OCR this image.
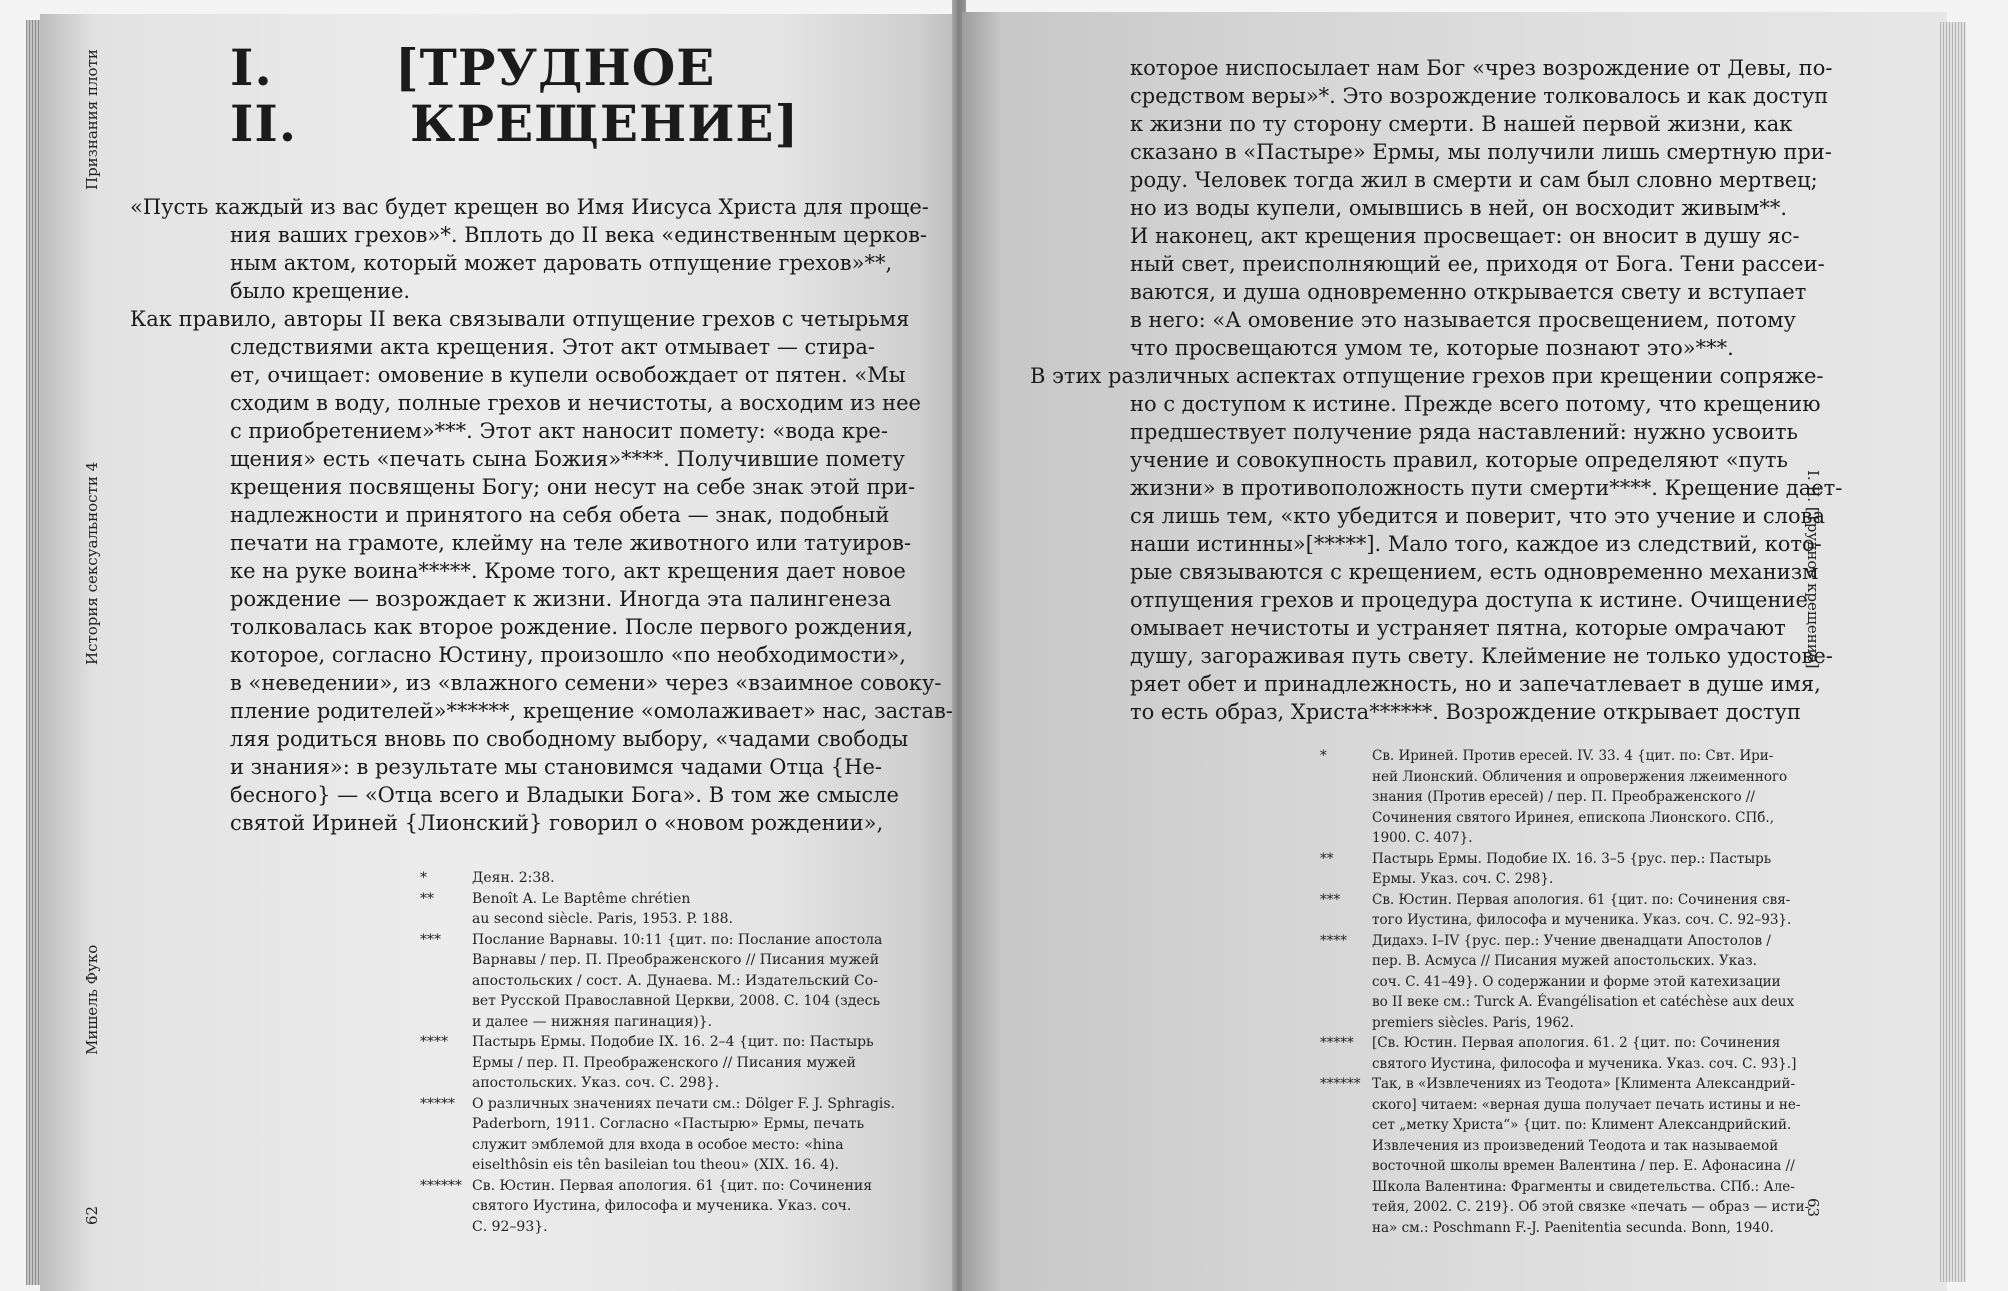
Признания плоти
История сексуальности 4
Мишель Фуко
62
I. II.
[ТРУДНОЕ
КРЕЩЕНИЕ]
«Пусть каждый из вас будет крещен во Имя Иисуса Христа для проще-
ния ваших грехов»*. Вплоть до II века «единственным церков-
ным актом, который может даровать отпущение грехов»**,
было крещение.
Как правило, авторы II века связывали отпущение грехов с четырьмя
следствиями акта крещения. Этот акт отмывает — стира-
ет, очищает: омовение в купели освобождает от пятен. «Мы
сходим в воду, полные грехов и нечистоты, а восходим из нее
с приобретением»***. Этот акт наносит помету: «вода кре-
щения» есть «печать сына Божия»****. Получившие помету
крещения посвящены Богу; они несут на себе знак этой при-
надлежности и принятого на себя обета — знак, подобный
печати на грамоте, клейму на теле животного или татуиров-
ке на руке воина*****. Кроме того, акт крещения дает новое
рождение — возрождает к жизни. Иногда эта палингенеза
толковалась как второе рождение. После первого рождения,
которое, согласно Юстину, произошло «по необходимости»,
в «неведении», из «влажного семени» через «взаимное совоку-
пление родителей»******, крещение «омолаживает» нас, застав-
ляя родиться вновь по свободному выбору, «чадами свободы
и знания»: в результате мы становимся чадами Отца {Не-
бесного} — «Отца всего и Владыки Бога». В том же смысле
святой Ириней {Лионский} говорил о «новом рождении»,
*	Деян. 2:38.
**	Benoît A. Le Baptême chrétien
au second siècle. Paris, 1953. P. 188.
*** Послание Варнавы. 10:11 {цит. по: Послание апостола
Варнавы / пер. П. Преображенского // Писания мужей
апостольских / сост. А. Дунаева. М.: Издательский Со-
вет Русской Православной Церкви, 2008. С. 104 (здесь
и далее — нижняя пагинация)}.
**** Пастырь Ермы. Подобие IX. 16. 2–4 {цит. по: Пастырь
Ермы / пер. П. Преображенского // Писания мужей
апостольских. Указ. соч. С. 298}.
***** О различных значениях печати см.: Dölger F. J. Sphragis.
Paderborn, 1911. Согласно «Пастырю» Ермы, печать
служит эмблемой для входа в особое место: «hina
eiselthôsin eis tên basileian tou theou» (XIX. 16. 4).
****** Св. Юстин. Первая апология. 61 {цит. по: Сочинения
святого Иустина, философа и мученика. Указ. соч.
С. 92–93}.
которое ниспосылает нам Бог «чрез возрождение от Девы, по-
средством веры»*. Это возрождение толковалось и как доступ
к жизни по ту сторону смерти. В нашей первой жизни, как
сказано в «Пастыре» Ермы, мы получили лишь смертную при-
роду. Человек тогда жил в смерти и сам был словно мертвец;
но из воды купели, омывшись в ней, он восходит живым**.
И наконец, акт крещения просвещает: он вносит в душу яс-
ный свет, преисполняющий ее, приходя от Бога. Тени рассеи-
ваются, и душа одновременно открывается свету и вступает
в него: «А омовение это называется просвещением, потому
что просвещаются умом те, которые познают это»***.
В этих различных аспектах отпущение грехов при крещении сопряже-
но с доступом к истине. Прежде всего потому, что крещению
предшествует получение ряда наставлений: нужно усвоить
учение и совокупность правил, которые определяют «путь
жизни» в противоположность пути смерти****. Крещение дает-
ся лишь тем, «кто убедится и поверит, что это учение и слова
наши истинны»[*****]. Мало того, каждое из следствий, кото-
рые связываются с крещением, есть одновременно механизм
отпущения грехов и процедура доступа к истине. Очищение
омывает нечистоты и устраняет пятна, которые омрачают
душу, загораживая путь свету. Клеймение не только удостове-
ряет обет и принадлежность, но и запечатлевает в душе имя,
то есть образ, Христа******. Возрождение открывает доступ
*	Св. Ириней. Против ересей. IV. 33. 4 {цит. по: Свт. Ири-
ней Лионский. Обличения и опровержения лжеименного
знания (Против ересей) / пер. П. Преображенского //
Сочинения святого Иринея, епископа Лионского. СПб.,
1900. С. 407}.
**	Пастырь Ермы. Подобие IX. 16. 3–5 {рус. пер.: Пастырь
Ермы. Указ. соч. С. 298}.
*** Св. Юстин. Первая апология. 61 {цит. по: Сочинения свя-
того Иустина, философа и мученика. Указ. соч. С. 92–93}.
**** Дидахэ. I–IV {рус. пер.: Учение двенадцати Апостолов /
пер. В. Асмуса // Писания мужей апостольских. Указ.
соч. С. 41–49}. О содержании и форме этой катехизации
во II веке см.: Turck A. Évangélisation et catéchèse aux deux
premiers siècles. Paris, 1962.
***** [Св. Юстин. Первая апология. 61. 2 {цит. по: Сочинения
святого Иустина, философа и мученика. Указ. соч. С. 93}.]
****** Так, в «Извлечениях из Теодота» [Климента Александрий-
ского] читаем: «верная душа получает печать истины и не-
сет „метку Христа“» {цит. по: Климент Александрийский.
Извлечения из произведений Теодота и так называемой
восточной школы времен Валентина / пер. Е. Афонасина //
Школа Валентина: Фрагменты и свидетельства. СПб.: Але-
тейя, 2002. С. 219}. Об этой связке «печать — образ — исти-
на» см.: Poschmann F.-J. Paenitentia secunda. Bonn, 1940.
I. II. [Трудное крещение]
63
